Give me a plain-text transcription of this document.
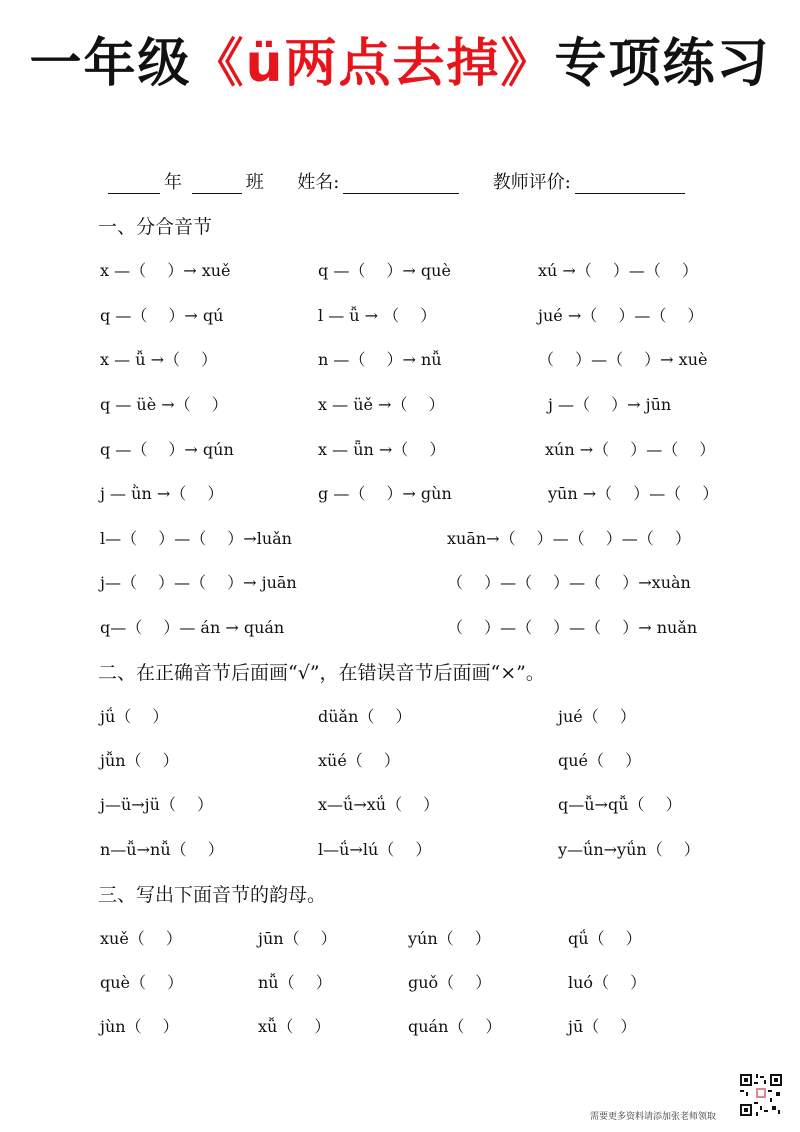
一年级《ü两点去掉》专项练习
年	班 姓名:	教师评价:
一、分合音节
x —（　 ）→ xuě	q —（　 ）→ què	xú →（　 ）—（　 ）
q —（　 ）→ qú	l — ǚ → （　 ）	jué →（　 ）—（　 ）
x — ǚ →（　 ）	n —（　 ）→ nǚ	（　 ）—（　 ）→ xuè
q — üè →（　 ）	x — üě →（　 ）	j —（　 ）→ jūn
q —（　 ）→ qún	x — ǖn →（　 ）	xún →（　 ）—（　 ）
j — ǜn →（　 ）	g —（　 ）→ gùn	yūn →（　 ）—（　 ）
l—（　 ）—（　 ）→luǎn	xuān→（　 ）—（　 ）—（　 ）
j—（　 ）—（　 ）→ juān	（　 ）—（　 ）—（　 ）→xuàn
q—（　 ）— án → quán	（　 ）—（　 ）—（　 ）→ nuǎn
二、在正确音节后面画“√”，在错误音节后面画“×”。
jǘ（　 ）	düǎn（　 ）	jué（　 ）
jǚn（　 ）	xüé（　 ）	qué（　 ）
j—ü→jü（　 ）	x—ǘ→xǘ（　 ）	q—ǚ→qǚ（　 ）
n—ǚ→nǚ（　 ）	l—ǘ→lú（　 ）	y—ǘn→yǘn（　 ）
三、写出下面音节的韵母。
xuě（　 ）	jūn（　 ）	yún（　 ）	qǘ（　 ）
què（　 ）	nǚ（　 ）	guǒ（　 ）	luó（　 ）
jùn（　 ）	xǚ（　 ）	quán（　 ）	jū（　 ）
需要更多资料请添加张老师领取
